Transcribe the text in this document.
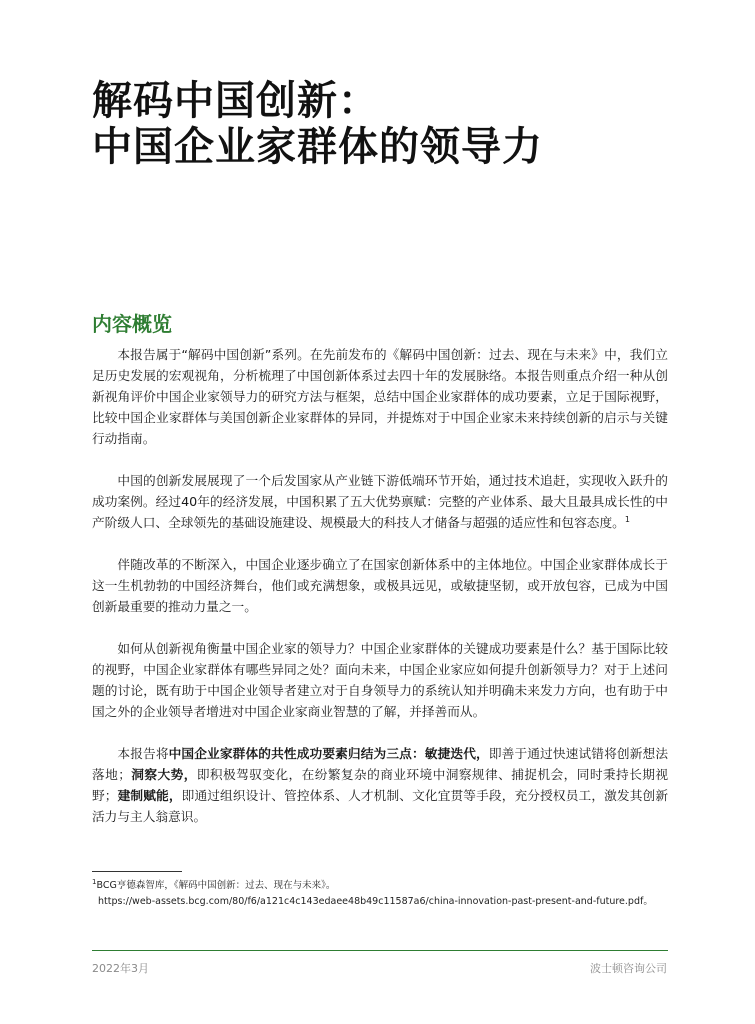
解码中国创新：
中国企业家群体的领导力
内容概览

本报告属于“解码中国创新”系列。在先前发布的《解码中国创新：过去、现在与未来》中，我们立足历史发展的宏观视角，分析梳理了中国创新体系过去四十年的发展脉络。本报告则重点介绍一种从创新视角评价中国企业家领导力的研究方法与框架，总结中国企业家群体的成功要素，立足于国际视野，比较中国企业家群体与美国创新企业家群体的异同，并提炼对于中国企业家未来持续创新的启示与关键行动指南。

中国的创新发展展现了一个后发国家从产业链下游低端环节开始，通过技术追赶，实现收入跃升的成功案例。经过40年的经济发展，中国积累了五大优势禀赋：完整的产业体系、最大且最具成长性的中产阶级人口、全球领先的基础设施建设、规模最大的科技人才储备与超强的适应性和包容态度。$^1$

伴随改革的不断深入，中国企业逐步确立了在国家创新体系中的主体地位。中国企业家群体成长于这一生机勃勃的中国经济舞台，他们或充满想象，或极具远见，或敏捷坚韧，或开放包容，已成为中国创新最重要的推动力量之一。

如何从创新视角衡量中国企业家的领导力？中国企业家群体的关键成功要素是什么？基于国际比较的视野，中国企业家群体有哪些异同之处？面向未来，中国企业家应如何提升创新领导力？对于上述问题的讨论，既有助于中国企业领导者建立对于自身领导力的系统认知并明确未来发力方向，也有助于中国之外的企业领导者增进对中国企业家商业智慧的了解，并择善而从。

本报告将中国企业家群体的共性成功要素归结为三点：敏捷迭代，即善于通过快速试错将创新想法落地；洞察大势，即积极驾驭变化，在纷繁复杂的商业环境中洞察规律、捕捉机会，同时秉持长期视野；建制赋能，即通过组织设计、管控体系、人才机制、文化宜贯等手段，充分授权员工，激发其创新活力与主人翁意识。

$^1$BCG亨德森智库，《解码中国创新：过去、现在与未来》。
https://web-assets.bcg.com/80/f6/a121c4c143edaee48b49c11587a6/china-innovation-past-present-and-future.pdf。
2022年3月	波士顿咨询公司
